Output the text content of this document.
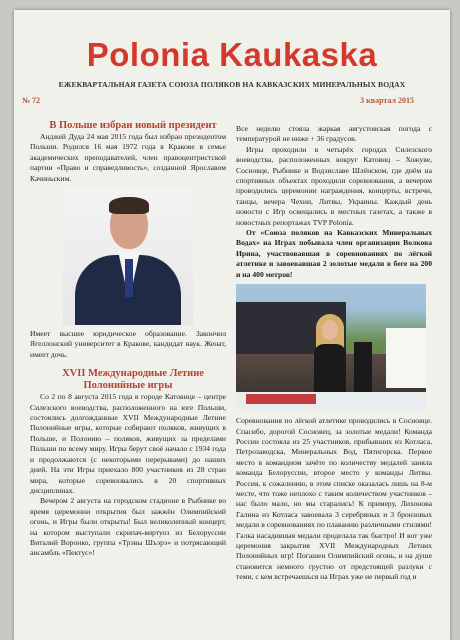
Polonia Kaukaska
ЕЖЕКВАРТАЛЬНАЯ ГАЗЕТА СОЮЗА ПОЛЯКОВ НА КАВКАЗСКИХ МИНЕРАЛЬНЫХ ВОДАХ
№ 72	3 квартал 2015

В Польше избран новый президент

Анджей Дуда 24 мая 2015 года был избран президентом Польши. Родился 16 мая 1972 года в Кракове в семье академических преподавателей, член правоцентристской партии «Право и справедливость», созданной Ярославом Качиньским.

Имеет высшее юридическое образование. Закончил Ягеллонский университет в Кракове, кандидат наук. Женат, имеет дочь.

XVII Международные Летние Полонийные игры

Со 2 по 8 августа 2015 года в городе Катовице – центре Силезского воеводства, расположенного на юге Польши, состоялись долгожданные XVII Международные Летние Полонийные игры, которые собирают поляков, живущих в Польше, и Полонию – поляков, живущих за пределами Польши по всему миру. Игры берут своё начало с 1934 года и продолжаются (с некоторыми перерывами) до наших дней. На эти Игры приехало 800 участников из 28 стран мира, которые соревновались в 20 спортивных дисциплинах.

Вечером 2 августа на городском стадионе в Рыбнике во время церемонии открытия был зажжён Олимпийский огонь, и Игры были открыты! Был великолепный концерт, на котором выступали скрипач-виртуоз из Белоруссии Виталий Воронко, группа «Трэвы Шъэрэ» и потрясающий ансамбль «Пектус»!

Все неделю стояла жаркая августовская погода с температурой не ниже + 36 градусов.

Игры проходили в четырёх городах Силезского воеводства, расположенных вокруг Катовиц – Хожуве, Сосновце, Рыбнике и Водзиславе Шлёнском, где днём на спортивных объектах проходили соревнования, а вечером проводились церемонии награждения, концерты, встречи, танцы, вечера Чехии, Литвы, Украины. Каждый день новости с Игр освещались в местных газетах, а также в новостных репортажах TVP Polonia.

От «Союза поляков на Кавказских Минеральных Водах» на Играх побывала член организации Волкова Ирина, участвовавшая в соревнованиях по лёгкой атлетике и завоевавшая 2 золотые медали в беге на 200 и на 400 метров!

Соревнования по лёгкой атлетике проводились в Сосновце. Спасибо, дорогой Сосновец, за золотые медали! Команда России состояла из 25 участников, прибывших из Котласа, Петрозаводска, Минеральных Вод, Пятигорска. Первое место в командном зачёте по количеству медалей заняла команда Белоруссии, второе место у команды Литвы. Россия, к сожалению, в этом списке оказалась лишь на 8-м месте, что тоже неплохо с таким количеством участников – нас было мало, но мы старались! К примеру, Лихонова Галина из Котласа завоевала 3 серебряных и 3 бронзовых медали в соревнованиях по плаванию различными стилями! Галка насадившая медали проделала так быстро! И вот уже церемония закрытия XVII Международных Летних Полонийных игр! Погашен Олимпийский огонь, и на душе становится немного грустно от предстоящей разлуки с теми, с кем встречаешься на Играх уже не первый год и
